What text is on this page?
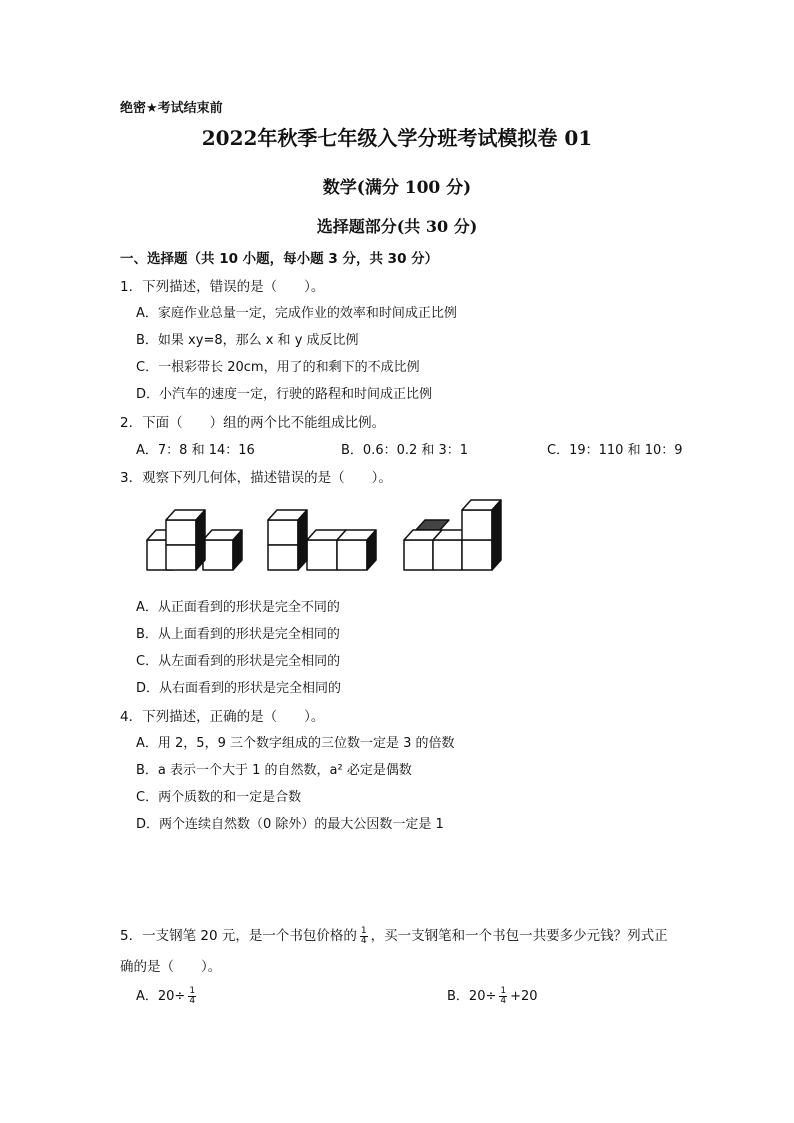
绝密★考试结束前
2022年秋季七年级入学分班考试模拟卷 01
数学(满分 100 分)
选择题部分(共 30 分)
一、选择题（共 10 小题，每小题 3 分，共 30 分）
1．下列描述，错误的是（　　）。
A．家庭作业总量一定，完成作业的效率和时间成正比例
B．如果 xy=8，那么 x 和 y 成反比例
C．一根彩带长 20cm，用了的和剩下的不成比例
D．小汽车的速度一定，行驶的路程和时间成正比例
2．下面（　　）组的两个比不能组成比例。
A．7：8 和 14：16	B．0.6：0.2 和 3：1	C．19：110 和 10：9
3．观察下列几何体，描述错误的是（　　）。
A．从正面看到的形状是完全不同的
B．从上面看到的形状是完全相同的
C．从左面看到的形状是完全相同的
D．从右面看到的形状是完全相同的
4．下列描述，正确的是（　　）。
A．用 2，5，9 三个数字组成的三位数一定是 3 的倍数
B．a 表示一个大于 1 的自然数，a² 必定是偶数
C．两个质数的和一定是合数
D．两个连续自然数（0 除外）的最大公因数一定是 1
5．一支钢笔 20 元，是一个书包价格的 $\frac{1}{4}$ ，买一支钢笔和一个书包一共要多少元钱？列式正
确的是（　　）。
A．$20\div \frac{1}{4}$	B．$20\div \frac{1}{4} +20$
